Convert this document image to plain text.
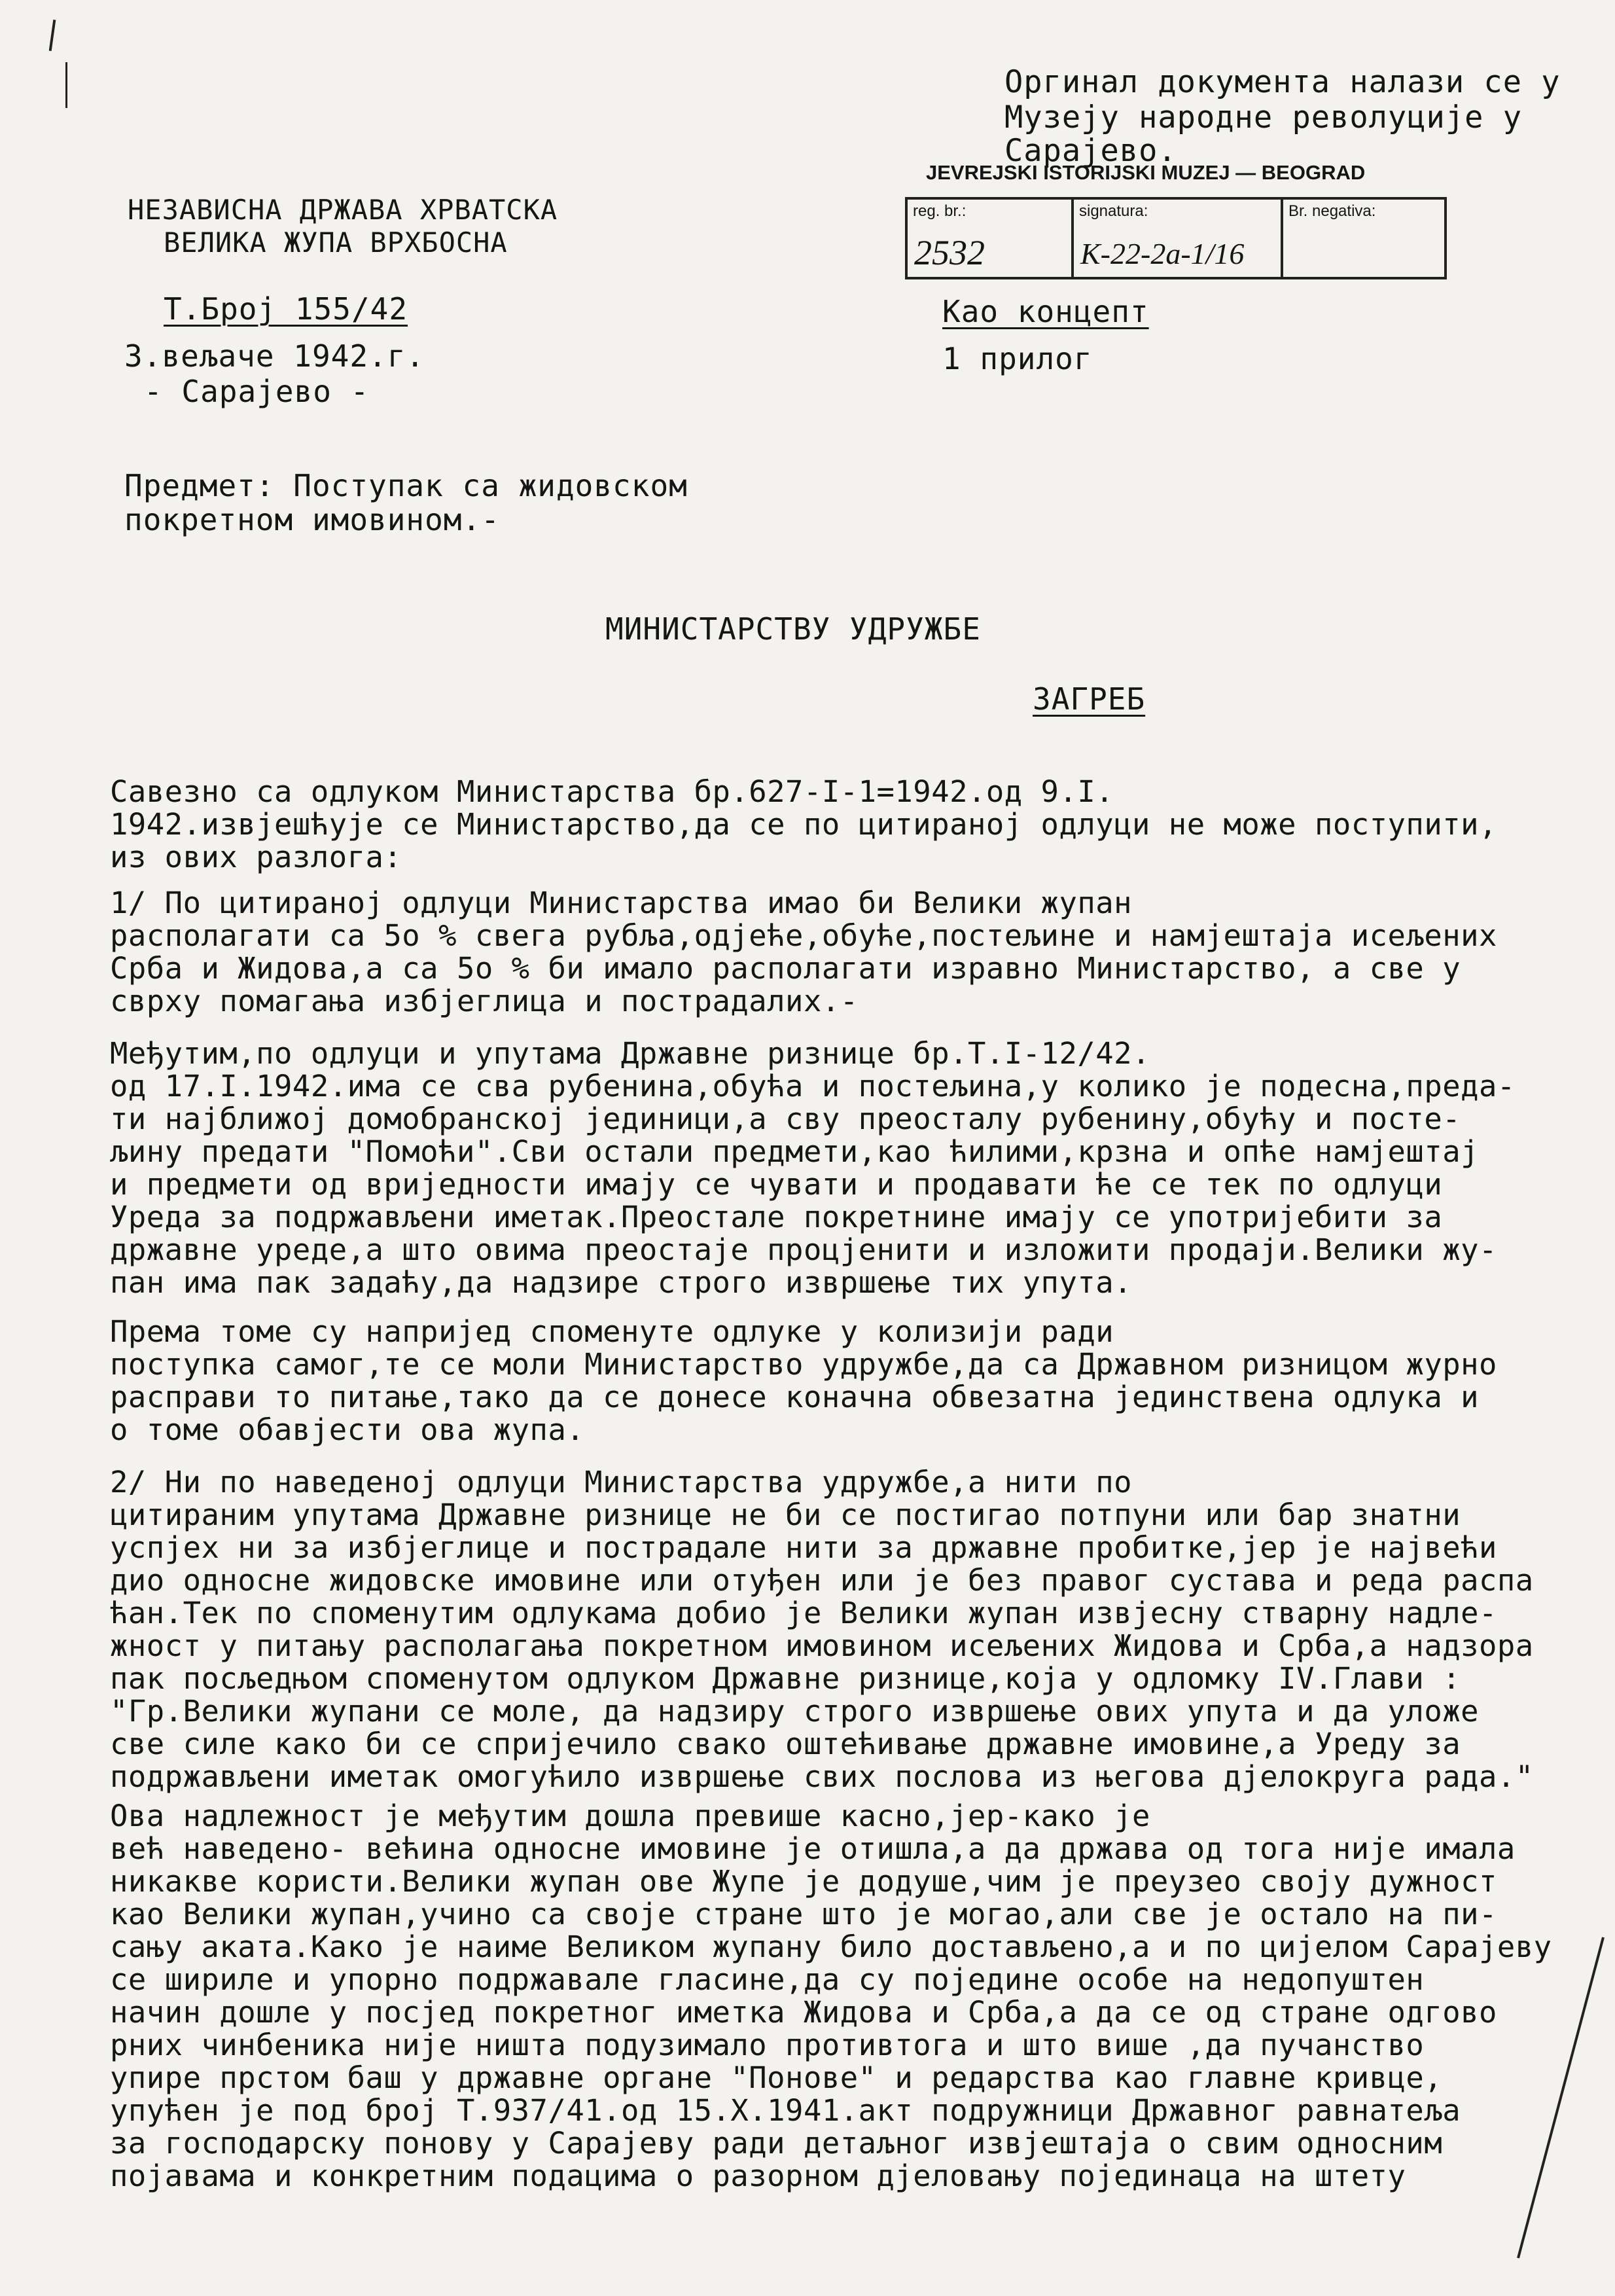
Оргинал документа налази се у
Музеју народне револуције у
Сарајево.
JEVREJSKI ISTORIJSKI MUZEJ — BEOGRAD
reg. br.:
2532
signatura:
K-22-2a-1/16
Br. negativa:
НЕЗАВИСНА ДРЖАВА ХРВАТСКА
ВЕЛИКА ЖУПА ВРХБОСНА
Т.Број 155/42
3.вељаче 1942.г.
- Сарајево -
Као концепт
1 прилог
Предмет: Поступак са жидовском
покретном имовином.-
МИНИСТАРСТВУ УДРУЖБЕ
ЗАГРЕБ
Савезно са одлуком Министарства бр.627-I-1=1942.од 9.I.
1942.извјешћује се Министарство,да се по цитираној одлуци не може поступити,
из ових разлога:
1/ По цитираној одлуци Министарства имао би Велики жупан
располагати са 5о % свега рубља,одјеће,обуће,постељине и намјештаја исељених
Срба и Жидова,а са 5о % би имало располагати изравно Министарство, а све у
сврху помагања избјеглица и пострадалих.-
Међутим,по одлуци и упутама Државне ризнице бр.Т.I-12/42.
од 17.I.1942.има се сва рубенина,обућа и постељина,у колико је подесна,преда-
ти најближој домобранској јединици,а сву преосталу рубенину,обућу и посте-
љину предати "Помоћи".Сви остали предмети,као ћилими,крзна и опће намјештај
и предмети од вриједности имају се чувати и продавати ће се тек по одлуци
Уреда за подржављени иметак.Преостале покретнине имају се употријебити за
државне уреде,а што овима преостаје процјенити и изложити продаји.Велики жу-
пан има пак задаћу,да надзире строго извршење тих упута.
Према томе су напријед споменуте одлуке у колизији ради
поступка самог,те се моли Министарство удружбе,да са Државном ризницом журно
расправи то питање,тако да се донесе коначна обвезатна јединствена одлука и
о томе обавјести ова жупа.
2/ Ни по наведеној одлуци Министарства удружбе,а нити по
цитираним упутама Државне ризнице не би се постигао потпуни или бар знатни
успјех ни за избјеглице и пострадале нити за државне пробитке,јер је највећи
дио односне жидовске имовине или отуђен или је без правог сустава и реда распа
ћан.Тек по споменутим одлукама добио је Велики жупан извјесну стварну надле-
жност у питању располагања покретном имовином исељених Жидова и Срба,а надзора
пак посљедњом споменутом одлуком Државне ризнице,која у одломку IV.Глави :
"Гр.Велики жупани се моле, да надзиру строго извршење ових упута и да уложе
све силе како би се спријечило свако оштећивање државне имовине,а Уреду за
подржављени иметак омогућило извршење свих послова из његова дјелокруга рада."
Ова надлежност је међутим дошла превише касно,јер-како је
већ наведено- већина односне имовине је отишла,а да држава од тога није имала
никакве користи.Велики жупан ове Жупе је додуше,чим је преузео своју дужност
као Велики жупан,учино са своје стране што је могао,али све је остало на пи-
сању аката.Како је наиме Великом жупану било достављено,а и по цијелом Сарајеву
се шириле и упорно подржавале гласине,да су поједине особе на недопуштен
начин дошле у посјед покретног иметка Жидова и Срба,а да се од стране одгово
рних чинбеника није ништа подузимало противтога и што више ,да пучанство
упире прстом баш у државне органе "Понове" и редарства као главне кривце,
упућен је под број Т.937/41.од 15.X.1941.акт подружници Државног равнатеља
за господарску понову у Сарајеву ради детаљног извјештаја о свим односним
појавама и конкретним подацима о разорном дјеловању појединаца на штету
